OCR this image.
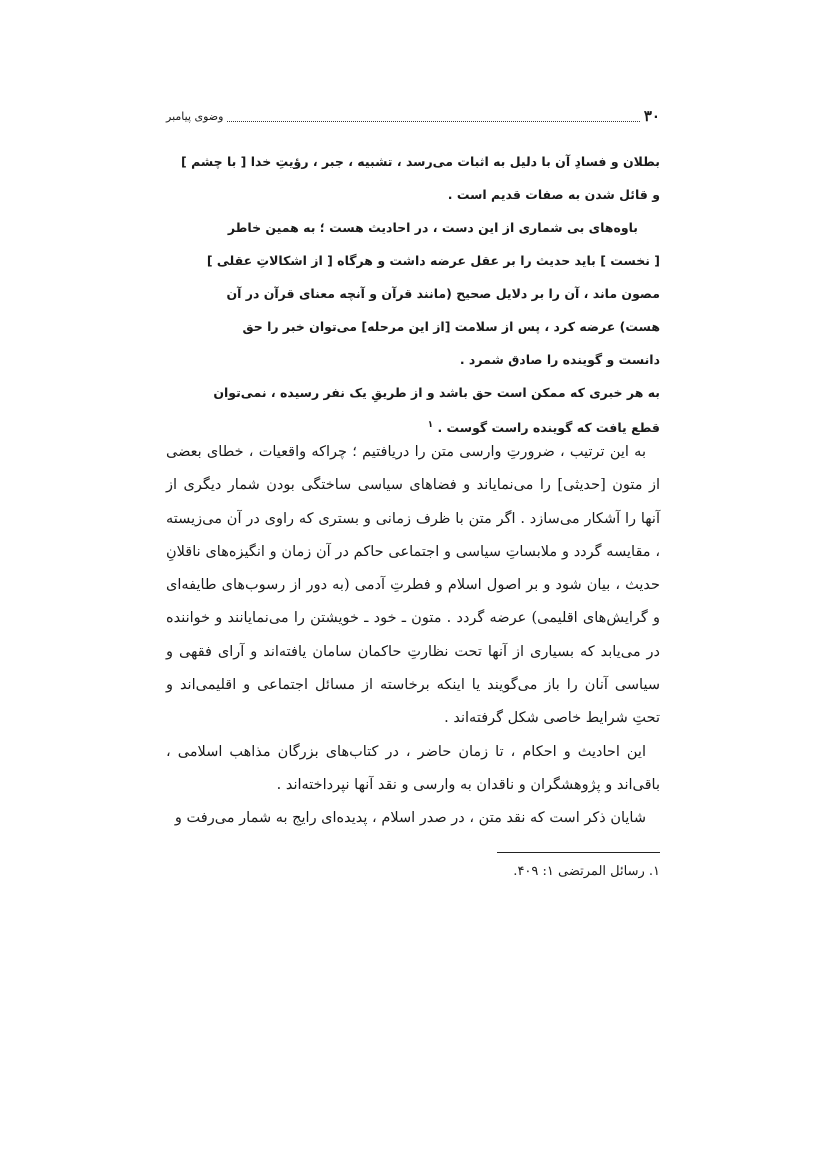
۳۰
وضوی پیامبر
بطلان و فسادِ آن با دلیل به اثبات می‌رسد ، تشبیه ، جبر ، رؤیتِ خدا [ با چشم ]
و قائل شدن به صفات قدیم است .
باوه‌های بی شماری از این دست ، در احادیث هست ؛ به همین خاطر
[ نخست ] باید حدیث را بر عقل عرضه داشت و هرگاه [ از اشکالاتِ عقلی ]
مصون ماند ، آن را بر دلایل صحیح (مانند قرآن و آنچه معنای قرآن در آن
هست) عرضه کرد ، پس از سلامت [از این مرحله] می‌توان خبر را حق
دانست و گوینده را صادق شمرد .
به هر خبری که ممکن است حق باشد و از طریقِ یک نفر رسیده ، نمی‌توان
قطع یافت که گوینده راست گوست . $^۱$

به این ترتیب ، ضرورتِ وارسی متن را دریافتیم ؛ چراکه واقعیات ، خطای بعضی از متون [حدیثی] را می‌نمایاند و فضاهای سیاسی ساختگی بودن شمار دیگری از آنها را آشکار می‌سازد . اگر متن با ظرف زمانی و بستری که راوی در آن می‌زیسته ، مقایسه گردد و ملابساتِ سیاسی و اجتماعی حاکم در آن زمان و انگیزه‌های ناقلانِ حدیث ، بیان شود و بر اصول اسلام و فطرتِ آدمی (به دور از رسوب‌های طایفه‌ای و گرایش‌های اقلیمی) عرضه گردد . متون ـ خود ـ خویشتن را می‌نمایانند و خواننده در می‌یابد که بسیاری از آنها تحت نظارتِ حاکمان سامان یافته‌اند و آرای فقهی و سیاسی آنان را باز می‌گویند یا اینکه برخاسته از مسائل اجتماعی و اقلیمی‌اند و تحتِ شرایط خاصی شکل گرفته‌اند .

این احادیث و احکام ، تا زمان حاضر ، در کتاب‌های بزرگان مذاهب اسلامی ، باقی‌اند و پژوهشگران و ناقدان به وارسی و نقد آنها نپرداخته‌اند .

شایان ذکر است که نقد متن ، در صدر اسلام ، پدیده‌ای رایج به شمار می‌رفت و

۱. رسائل المرتضی ۱: ۴۰۹.
